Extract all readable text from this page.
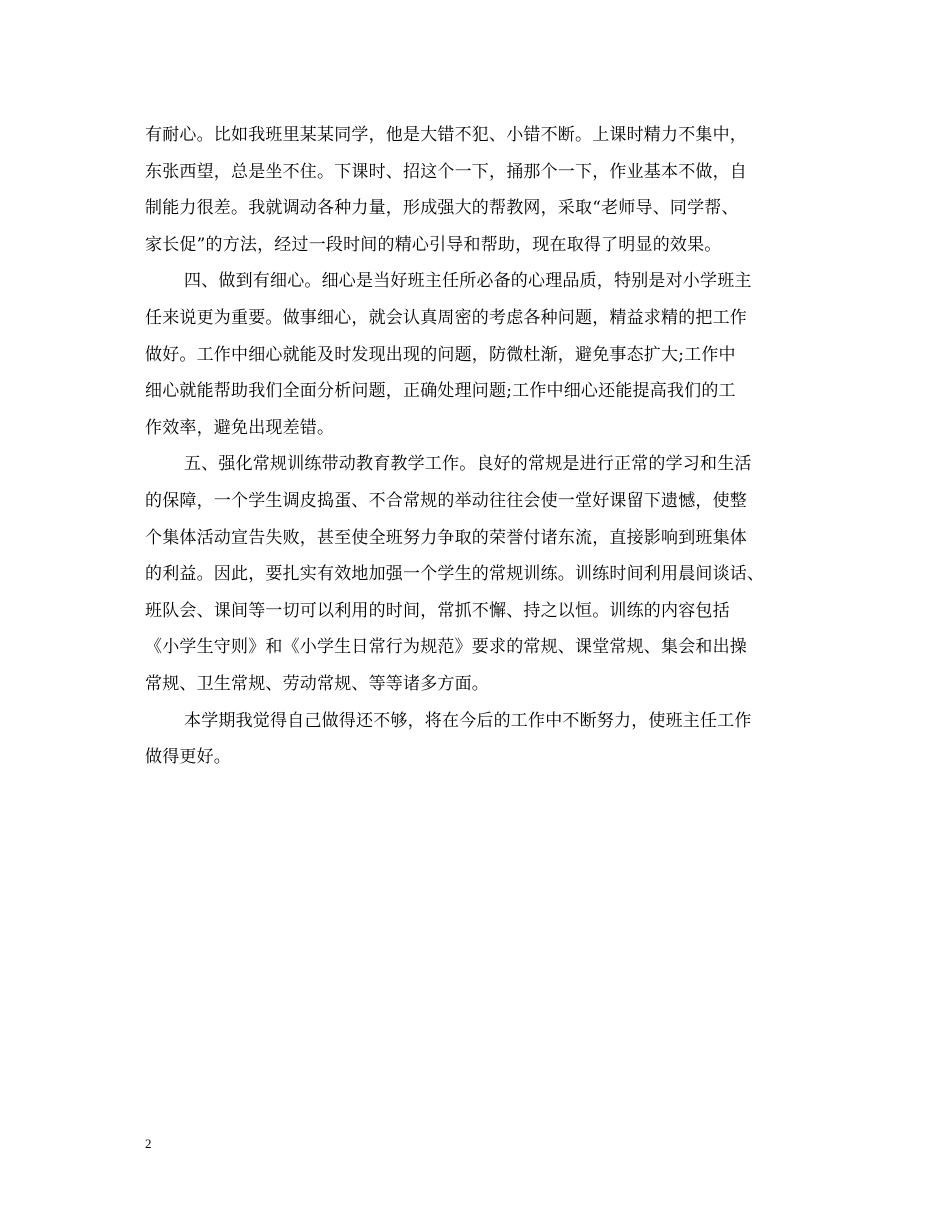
有耐心。比如我班里某某同学，他是大错不犯、小错不断。上课时精力不集中，
东张西望，总是坐不住。下课时、招这个一下，捅那个一下，作业基本不做，自
制能力很差。我就调动各种力量，形成强大的帮教网，采取“老师导、同学帮、
家长促”的方法，经过一段时间的精心引导和帮助，现在取得了明显的效果。
四、做到有细心。细心是当好班主任所必备的心理品质，特别是对小学班主
任来说更为重要。做事细心，就会认真周密的考虑各种问题，精益求精的把工作
做好。工作中细心就能及时发现出现的问题，防微杜渐，避免事态扩大;工作中
细心就能帮助我们全面分析问题，正确处理问题;工作中细心还能提高我们的工
作效率，避免出现差错。
五、强化常规训练带动教育教学工作。良好的常规是进行正常的学习和生活
的保障，一个学生调皮捣蛋、不合常规的举动往往会使一堂好课留下遗憾，使整
个集体活动宣告失败，甚至使全班努力争取的荣誉付诸东流，直接影响到班集体
的利益。因此，要扎实有效地加强一个学生的常规训练。训练时间利用晨间谈话、
班队会、课间等一切可以利用的时间，常抓不懈、持之以恒。训练的内容包括
《小学生守则》和《小学生日常行为规范》要求的常规、课堂常规、集会和出操
常规、卫生常规、劳动常规、等等诸多方面。
本学期我觉得自己做得还不够，将在今后的工作中不断努力，使班主任工作
做得更好。
2
